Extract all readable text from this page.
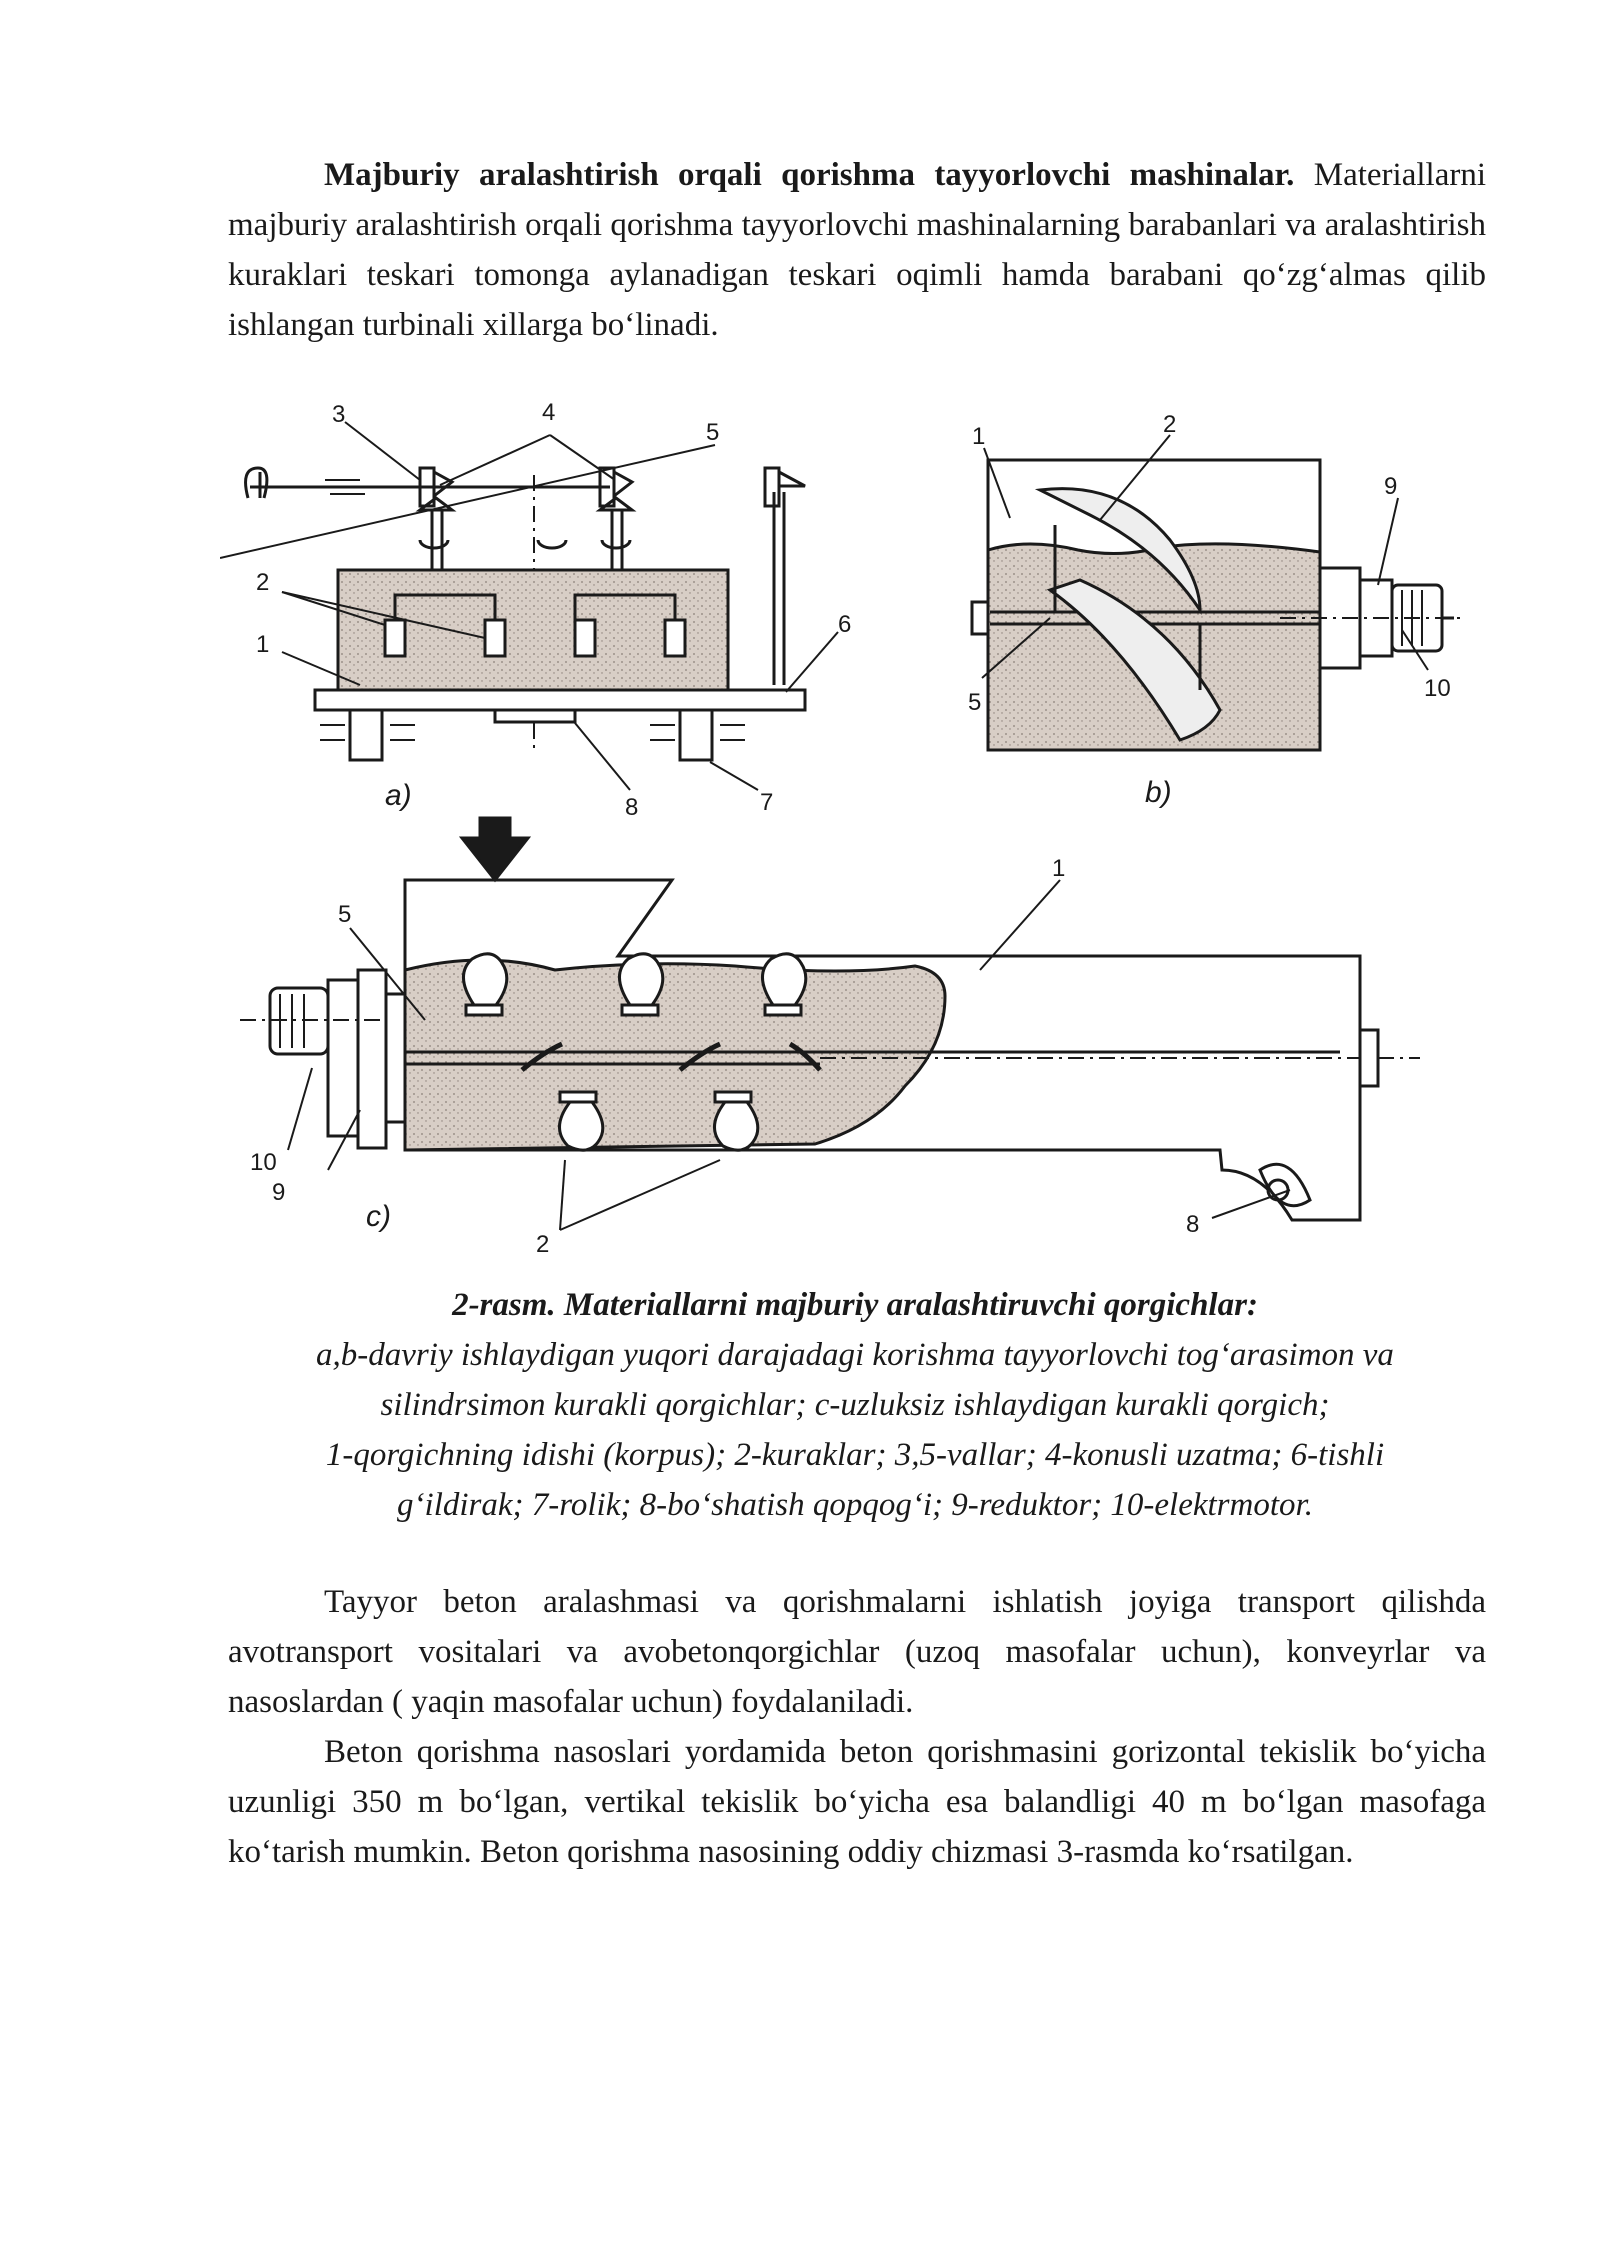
Majburiy aralashtirish orqali qorishma tayyorlovchi mashinalar. Materiallarni majburiy aralashtirish orqali qorishma tayyorlovchi mashinalarning barabanlari va aralashtirish kuraklari teskari tomonga aylanadigan teskari oqimli hamda barabani qo‘zg‘almas qilib ishlangan turbinali xillarga bo‘linadi.

3	4
5
2
1
6
8	7
a)
1	2
9
10
5
b)
5
1
10
9
2
8
c)

2-rasm. Materiallarni majburiy aralashtiruvchi qorgichlar:
a,b-davriy ishlaydigan yuqori darajadagi korishma tayyorlovchi tog‘arasimon va
silindrsimon kurakli qorgichlar; c-uzluksiz ishlaydigan kurakli qorgich;
1-qorgichning idishi (korpus); 2-kuraklar; 3,5-vallar; 4-konusli uzatma; 6-tishli
g‘ildirak; 7-rolik; 8-bo‘shatish qopqog‘i; 9-reduktor; 10-elektrmotor.

Tayyor beton aralashmasi va qorishmalarni ishlatish joyiga transport qilishda avotransport vositalari va avobetonqorgichlar (uzoq masofalar uchun), konveyrlar va nasoslardan ( yaqin masofalar uchun) foydalaniladi.

Beton qorishma nasoslari yordamida beton qorishmasini gorizontal tekislik bo‘yicha uzunligi 350 m bo‘lgan, vertikal tekislik bo‘yicha esa balandligi 40 m bo‘lgan masofaga ko‘tarish mumkin. Beton qorishma nasosining oddiy chizmasi 3-rasmda ko‘rsatilgan.
